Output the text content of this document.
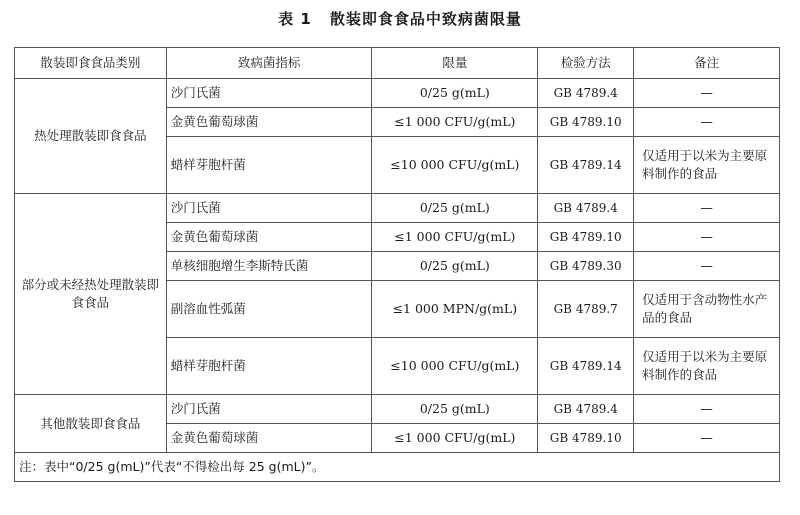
表 1 散装即食食品中致病菌限量
散装即食食品类别	致病菌指标	限量	检验方法	备注
热处理散装即食食品	沙门氏菌	0/25 g(mL)	GB 4789.4	—
	金黄色葡萄球菌	≤1 000 CFU/g(mL)	GB 4789.10	—
	蜡样芽胞杆菌	≤10 000 CFU/g(mL)	GB 4789.14	仅适用于以米为主要原料制作的食品
部分或未经热处理散装即食食品	沙门氏菌	0/25 g(mL)	GB 4789.4	—
	金黄色葡萄球菌	≤1 000 CFU/g(mL)	GB 4789.10	—
	单核细胞增生李斯特氏菌	0/25 g(mL)	GB 4789.30	—
	副溶血性弧菌	≤1 000 MPN/g(mL)	GB 4789.7	仅适用于含动物性水产品的食品
	蜡样芽胞杆菌	≤10 000 CFU/g(mL)	GB 4789.14	仅适用于以米为主要原料制作的食品
其他散装即食食品	沙门氏菌	0/25 g(mL)	GB 4789.4	—
	金黄色葡萄球菌	≤1 000 CFU/g(mL)	GB 4789.10	—
注：表中“0/25 g(mL)”代表“不得检出每 25 g(mL)”。				
